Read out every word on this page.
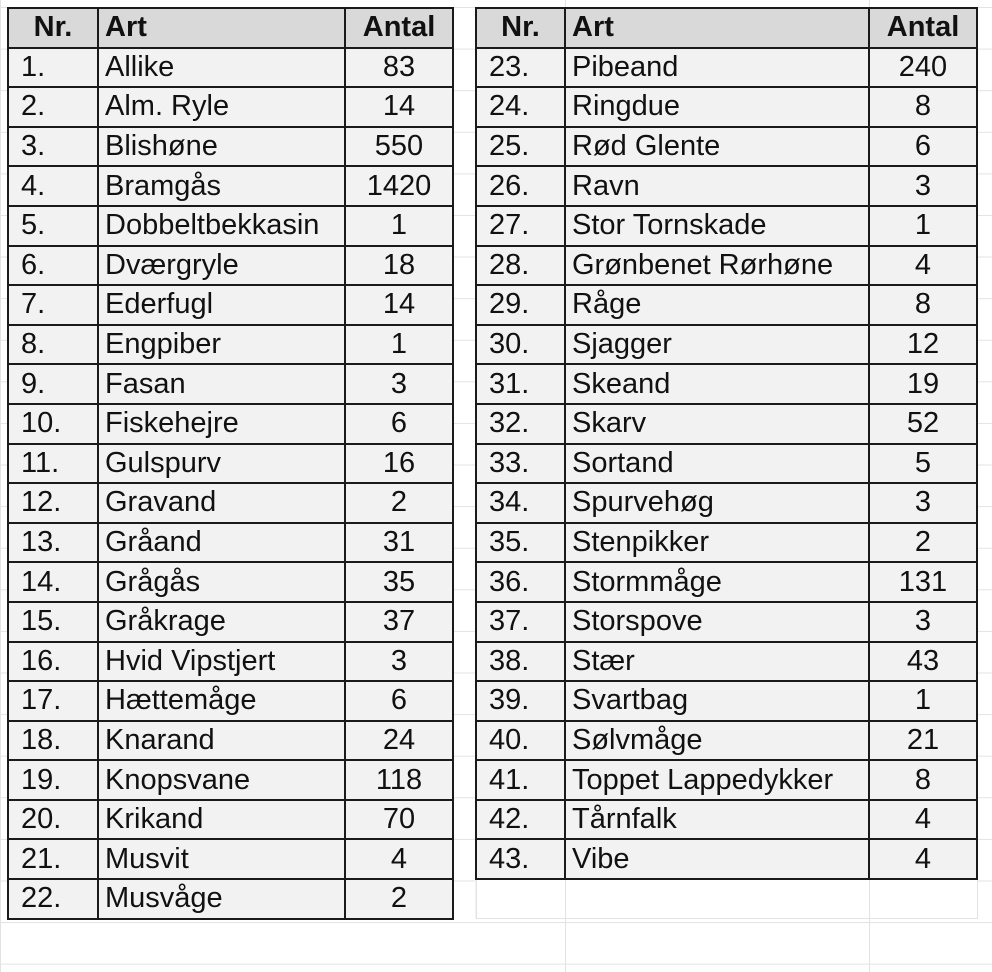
Nr.	Art	Antal
1.	Allike	83
2.	Alm. Ryle	14
3.	Blishøne	550
4.	Bramgås	1420
5.	Dobbeltbekkasin	1
6.	Dværgryle	18
7.	Ederfugl	14
8.	Engpiber	1
9.	Fasan	3
10.	Fiskehejre	6
11.	Gulspurv	16
12.	Gravand	2
13.	Gråand	31
14.	Grågås	35
15.	Gråkrage	37
16.	Hvid Vipstjert	3
17.	Hættemåge	6
18.	Knarand	24
19.	Knopsvane	118
20.	Krikand	70
21.	Musvit	4
22.	Musvåge	2
Nr.	Art	Antal
23.	Pibeand	240
24.	Ringdue	8
25.	Rød Glente	6
26.	Ravn	3
27.	Stor Tornskade	1
28.	Grønbenet Rørhøne	4
29.	Råge	8
30.	Sjagger	12
31.	Skeand	19
32.	Skarv	52
33.	Sortand	5
34.	Spurvehøg	3
35.	Stenpikker	2
36.	Stormmåge	131
37.	Storspove	3
38.	Stær	43
39.	Svartbag	1
40.	Sølvmåge	21
41.	Toppet Lappedykker	8
42.	Tårnfalk	4
43.	Vibe	4
